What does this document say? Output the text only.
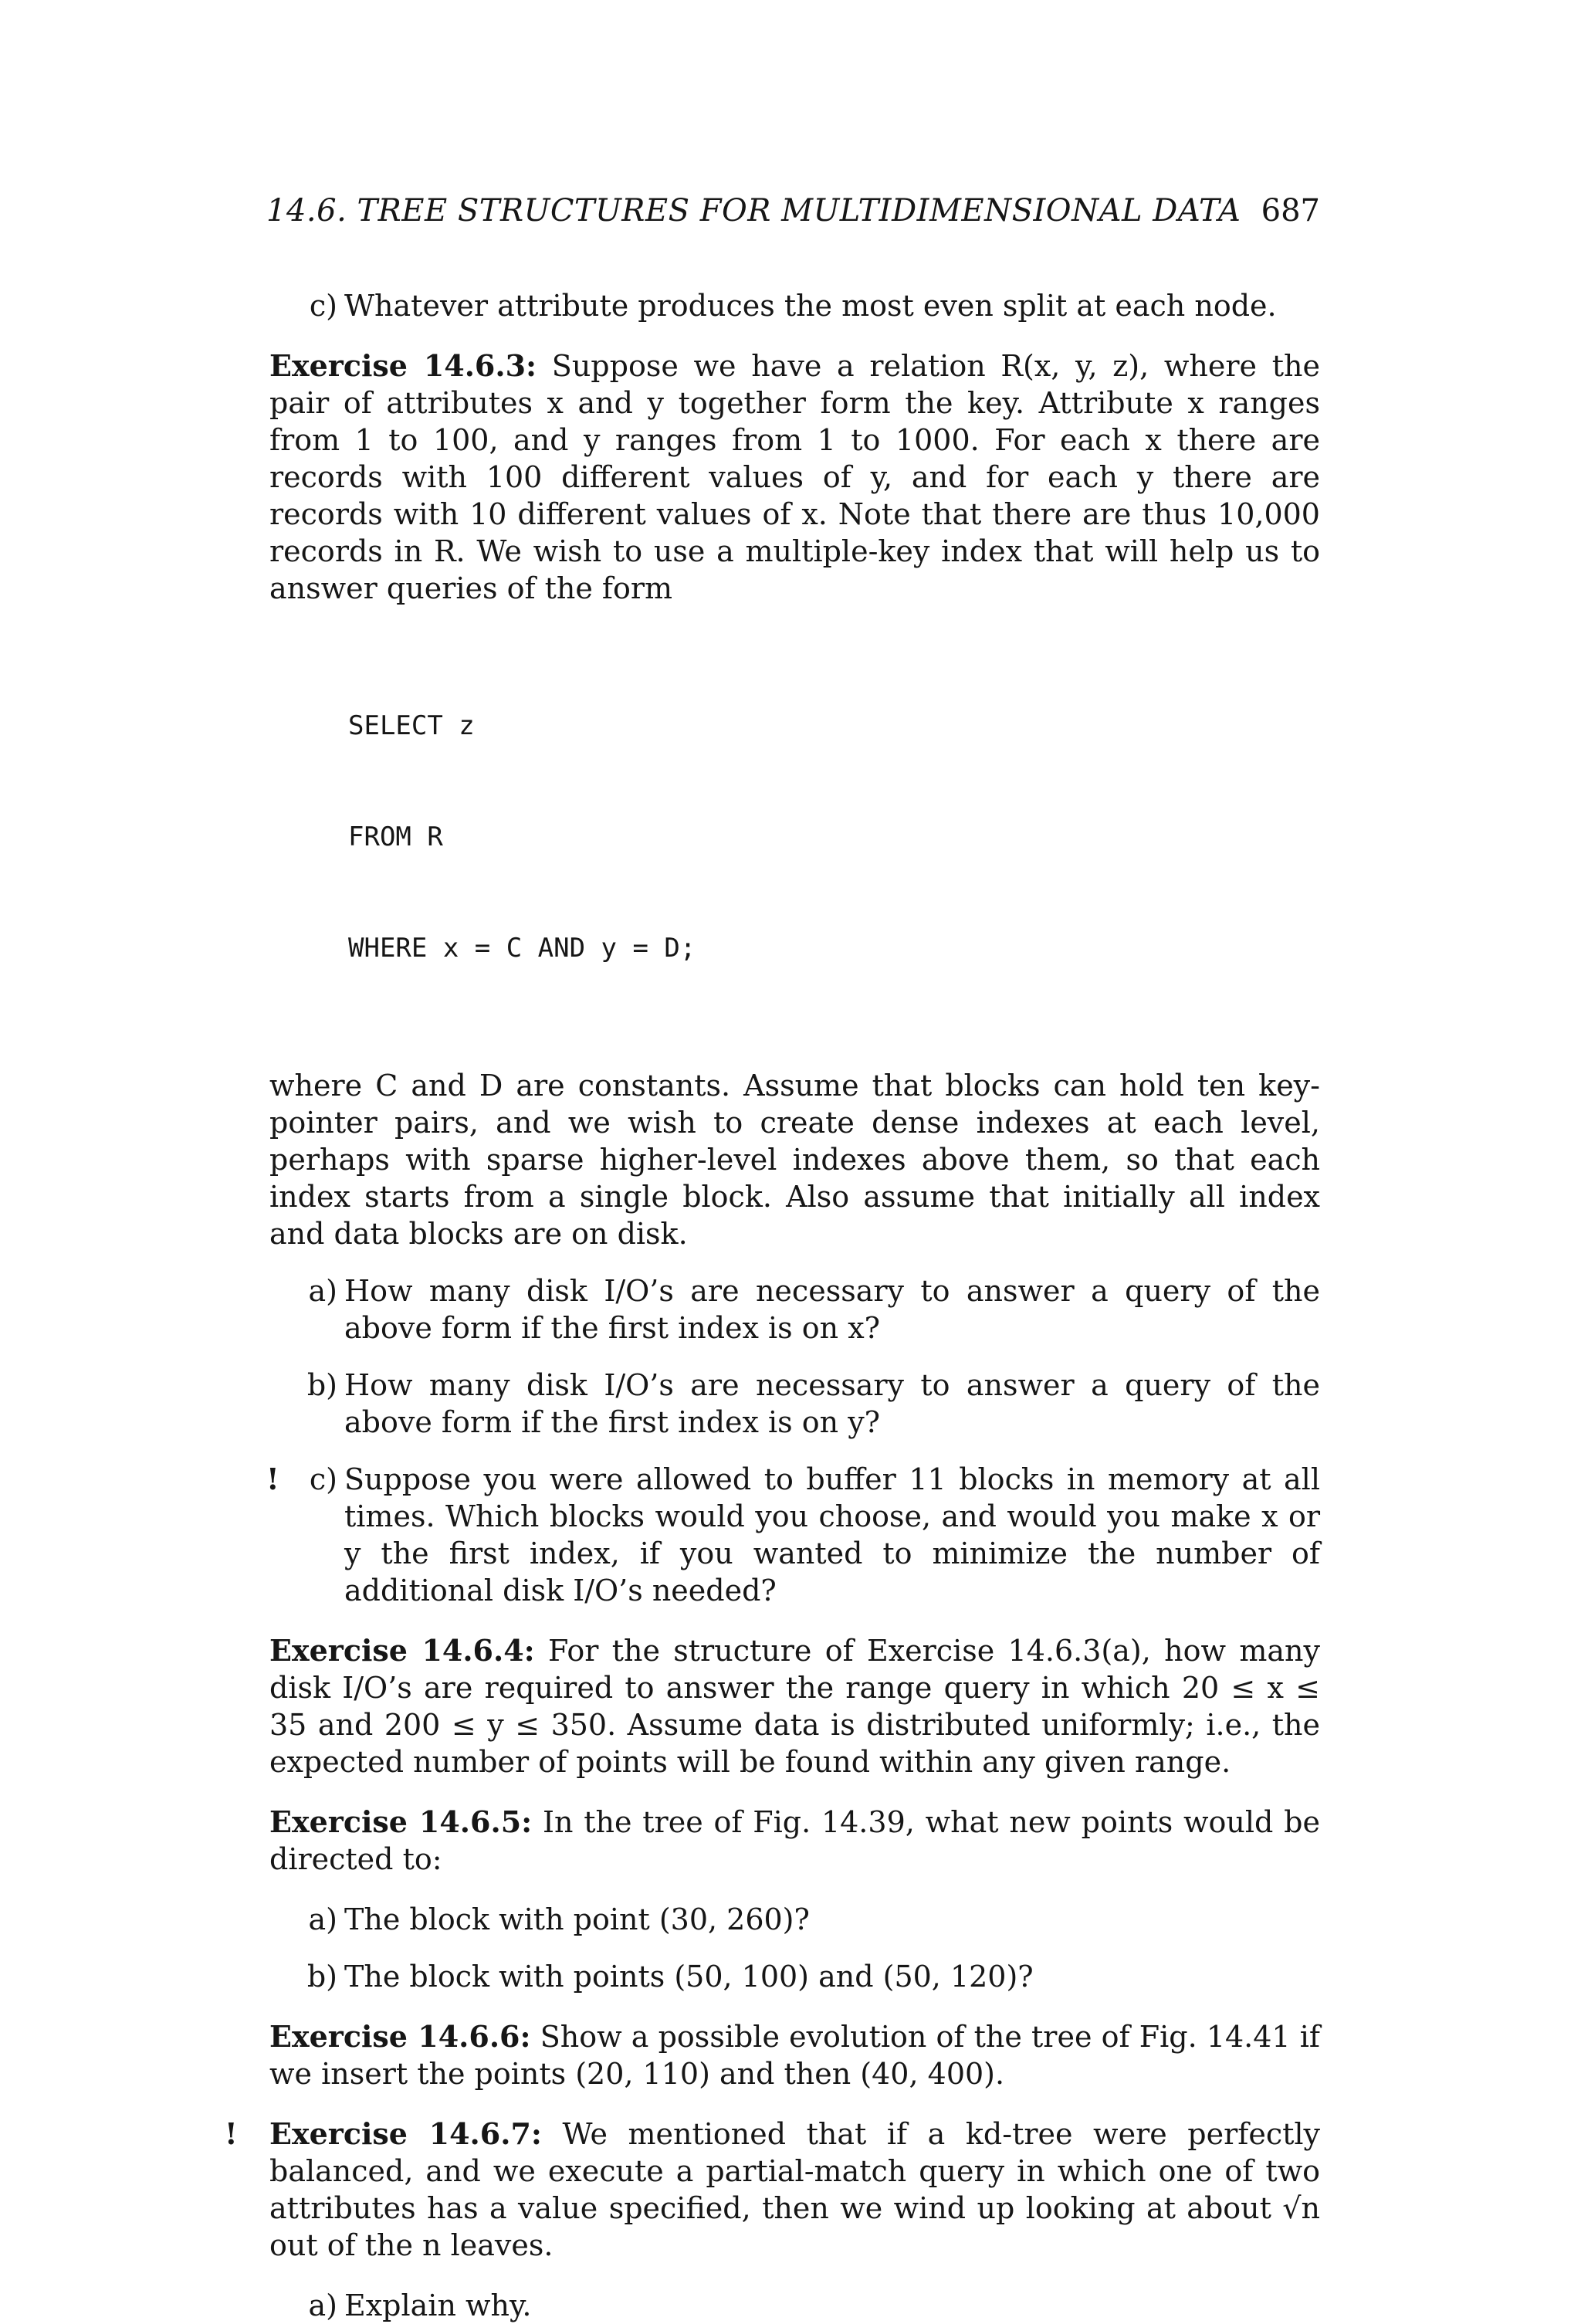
14.6. TREE STRUCTURES FOR MULTIDIMENSIONAL DATA 687
c) Whatever attribute produces the most even split at each node.

Exercise 14.6.3: Suppose we have a relation R(x, y, z), where the pair of attributes x and y together form the key. Attribute x ranges from 1 to 100, and y ranges from 1 to 1000. For each x there are records with 100 different values of y, and for each y there are records with 10 different values of x. Note that there are thus 10,000 records in R. We wish to use a multiple-key index that will help us to answer queries of the form

SELECT z

FROM R

WHERE x = C AND y = D;

where C and D are constants. Assume that blocks can hold ten key-pointer pairs, and we wish to create dense indexes at each level, perhaps with sparse higher-level indexes above them, so that each index starts from a single block. Also assume that initially all index and data blocks are on disk.

a) How many disk I/O’s are necessary to answer a query of the above form if the first index is on x?
b) How many disk I/O’s are necessary to answer a query of the above form if the first index is on y?
!	c) Suppose you were allowed to buffer 11 blocks in memory at all times. Which blocks would you choose, and would you make x or y the first index, if you wanted to minimize the number of additional disk I/O’s needed?

Exercise 14.6.4: For the structure of Exercise 14.6.3(a), how many disk I/O’s are required to answer the range query in which 20 ≤ x ≤ 35 and 200 ≤ y ≤ 350. Assume data is distributed uniformly; i.e., the expected number of points will be found within any given range.

Exercise 14.6.5: In the tree of Fig. 14.39, what new points would be directed to:

a) The block with point (30, 260)?
b) The block with points (50, 100) and (50, 120)?

Exercise 14.6.6: Show a possible evolution of the tree of Fig. 14.41 if we insert the points (20, 110) and then (40, 400).

! Exercise 14.6.7: We mentioned that if a kd-tree were perfectly balanced, and we execute a partial-match query in which one of two attributes has a value specified, then we wind up looking at about √n out of the n leaves.

a) Explain why.
